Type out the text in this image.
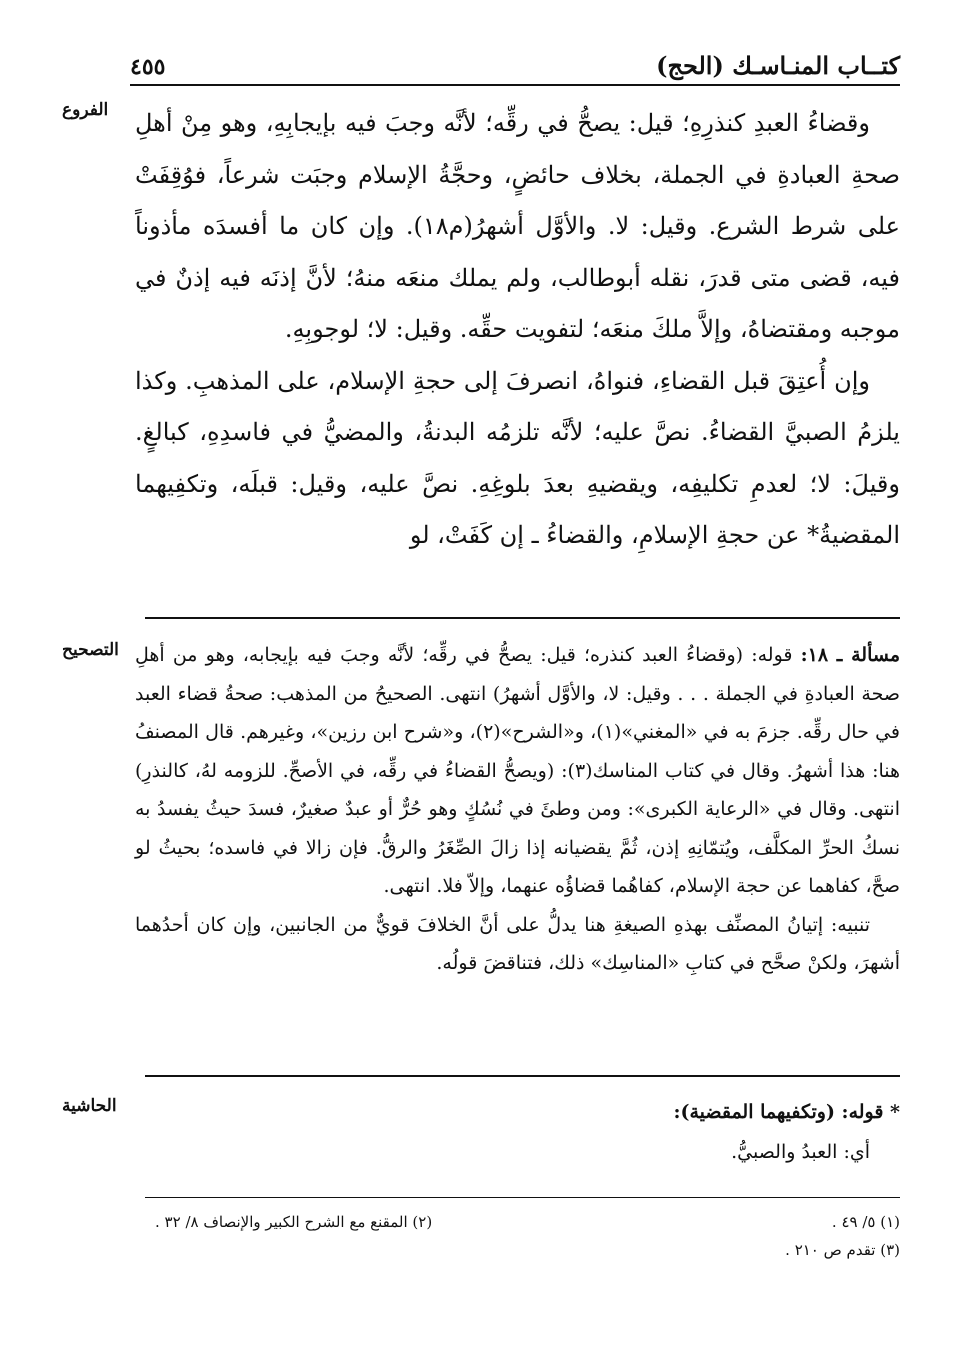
كتــاب المنـاسـك (الحج)
٤٥٥
الفروع وقضاءُ العبدِ كنذرِهِ؛ قيل: يصحُّ في رقِّه؛ لأنَّه وجبَ فيه بإيجابِهِ، وهو مِنْ أهلِ صحةِ العبادةِ في الجملة، بخلاف حائضٍ، وحجَّةُ الإسلام وجبَت شرعاً، فوُقِفَتْ على شرط الشرع. وقيل: لا. والأوَّل أشهرُ(م١٨). وإن كان ما أفسدَه مأذوناً فيه، قضى متى قدرَ، نقله أبوطالب، ولم يملك منعَه منهُ؛ لأنَّ إذنَه فيه إذنٌ في موجبه ومقتضاهُ، وإلاَّ ملكَ منعَه؛ لتفويت حقِّه. وقيل: لا؛ لوجوبِهِ.

وإن أُعتِقَ قبل القضاءِ، فنواهُ، انصرفَ إلى حجةِ الإسلام، على المذهبِ. وكذا يلزمُ الصبيَّ القضاءُ. نصَّ عليه؛ لأنَّه تلزمُه البدنةُ، والمضيُّ في فاسدِهِ، كبالغٍ. وقيلَ: لا؛ لعدمِ تكليفِه، ويقضيهِ بعدَ بلوغِهِ. نصَّ عليه، وقيل: قبلَه، وتكفِيهما المقضيةُ* عن حجةِ الإسلامِ، والقضاءُ ـ إن كَفَتْ، لو

التصحيح	مسألة ـ ١٨: قوله: (وقضاءُ العبد كنذره؛ قيل: يصحُّ في رقِّه؛ لأنَّه وجبَ فيه بإيجابه، وهو من أهلِ صحة العبادةِ في الجملة . . . وقيل: لا، والأوَّل أشهرُ) انتهى. الصحيحُ من المذهب: صحةُ قضاء العبد في حال رقِّه. جزمَ به في «المغني»(١)، و«الشرح»(٢)، و«شرح ابن رزين»، وغيرهم. قال المصنفُ هنا: هذا أشهرُ. وقال في كتاب المناسك(٣): (ويصحُّ القضاءُ في رقِّه، في الأصحِّ. للزومه لهُ، كالنذرِ) انتهى. وقال في «الرعاية الكبرى»: ومن وطئَ في نُسُكٍ وهو حُرٌّ أو عبدٌ صغيرٌ، فسدَ حيثُ يفسدُ به نسكُ الحرِّ المكلَّف، ويُتمّانِهِ إذن، ثُمَّ يقضيانه إذا زالَ الصِّغَرُ والرقُّ. فإن زالا في فاسده؛ بحيثُ لو صحَّ، كفاهما عن حجة الإسلام، كفاهُما قضاؤُه عنهما، وإلاّ فلا. انتهى.

تنبيه: إتيانُ المصنِّف بهذهِ الصيغةِ هنا يدلُّ على أنَّ الخلافَ قويٌّ من الجانبين، وإن كان أحدُهما أشهرَ، ولكنْ صحَّح في كتابِ «المناسِك» ذلك، فتناقضَ قولُه.

الحاشية	* قوله: (وتكفيهما المقضية):
أي: العبدُ والصبيُّ.
(١) ٥/ ٤٩ .
(٢) المقنع مع الشرح الكبير والإنصاف ٨/ ٣٢ .
(٣) تقدم ص ٢١٠ .
